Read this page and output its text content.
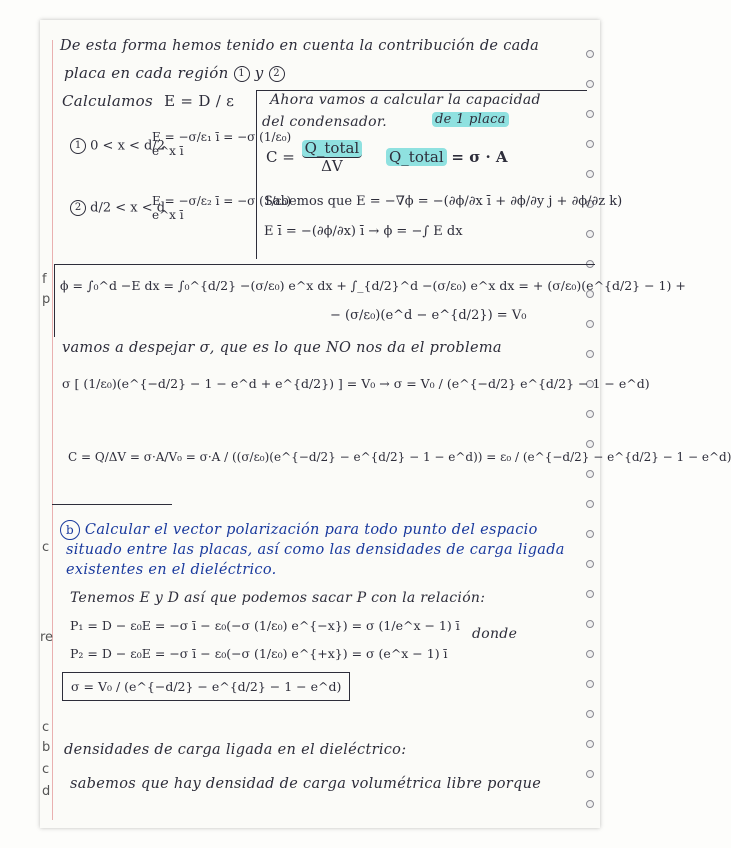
f
p
c
re
c
b
c
d
De esta forma hemos tenido en cuenta la contribución de cada
placa en cada región 1 y 2
Calculamos E = D / ε
1 0 < x < d/2
E = −σ/ε₁ ī = −σ (1/ε₀) e^x ī
2 d/2 < x < d
E = −σ/ε₂ ī = −σ (1/ε₀) e^x ī
Ahora vamos a calcular la capacidad
del condensador.	de 1 placa
$C = \frac{\text{Q\_total}}{\Delta V}$ Q_total = σ · A
Sabemos que E = −∇ϕ = −(∂ϕ/∂x ī + ∂ϕ/∂y j + ∂ϕ/∂z k)
E ī = −(∂ϕ/∂x) ī → ϕ = −∫ E dx
ϕ = ∫₀^d −E dx = ∫₀^{d/2} −(σ/ε₀) e^x dx + ∫_{d/2}^d −(σ/ε₀) e^x dx = + (σ/ε₀)(e^{d/2} − 1) +
− (σ/ε₀)(e^d − e^{d/2}) = V₀
vamos a despejar σ, que es lo que NO nos da el problema
σ [ (1/ε₀)(e^{−d/2} − 1 − e^d + e^{d/2}) ] = V₀ → σ = V₀ / (e^{−d/2} e^{d/2} − 1 − e^d)
C = Q/ΔV = σ·A/V₀ = σ·A / ((σ/ε₀)(e^{−d/2} − e^{d/2} − 1 − e^d)) = ε₀ / (e^{−d/2} − e^{d/2} − 1 − e^d)
b Calcular el vector polarización para todo punto del espacio
situado entre las placas, así como las densidades de carga ligada
existentes en el dieléctrico.
Tenemos E y D así que podemos sacar P con la relación:
P₁ = D − ε₀E = −σ ī − ε₀(−σ (1/ε₀) e^{−x}) = σ (1/e^x − 1) ī
donde
P₂ = D − ε₀E = −σ ī − ε₀(−σ (1/ε₀) e^{+x}) = σ (e^x − 1) ī
σ = V₀ / (e^{−d/2} − e^{d/2} − 1 − e^d)
densidades de carga ligada en el dieléctrico:
sabemos que hay densidad de carga volumétrica libre porque
